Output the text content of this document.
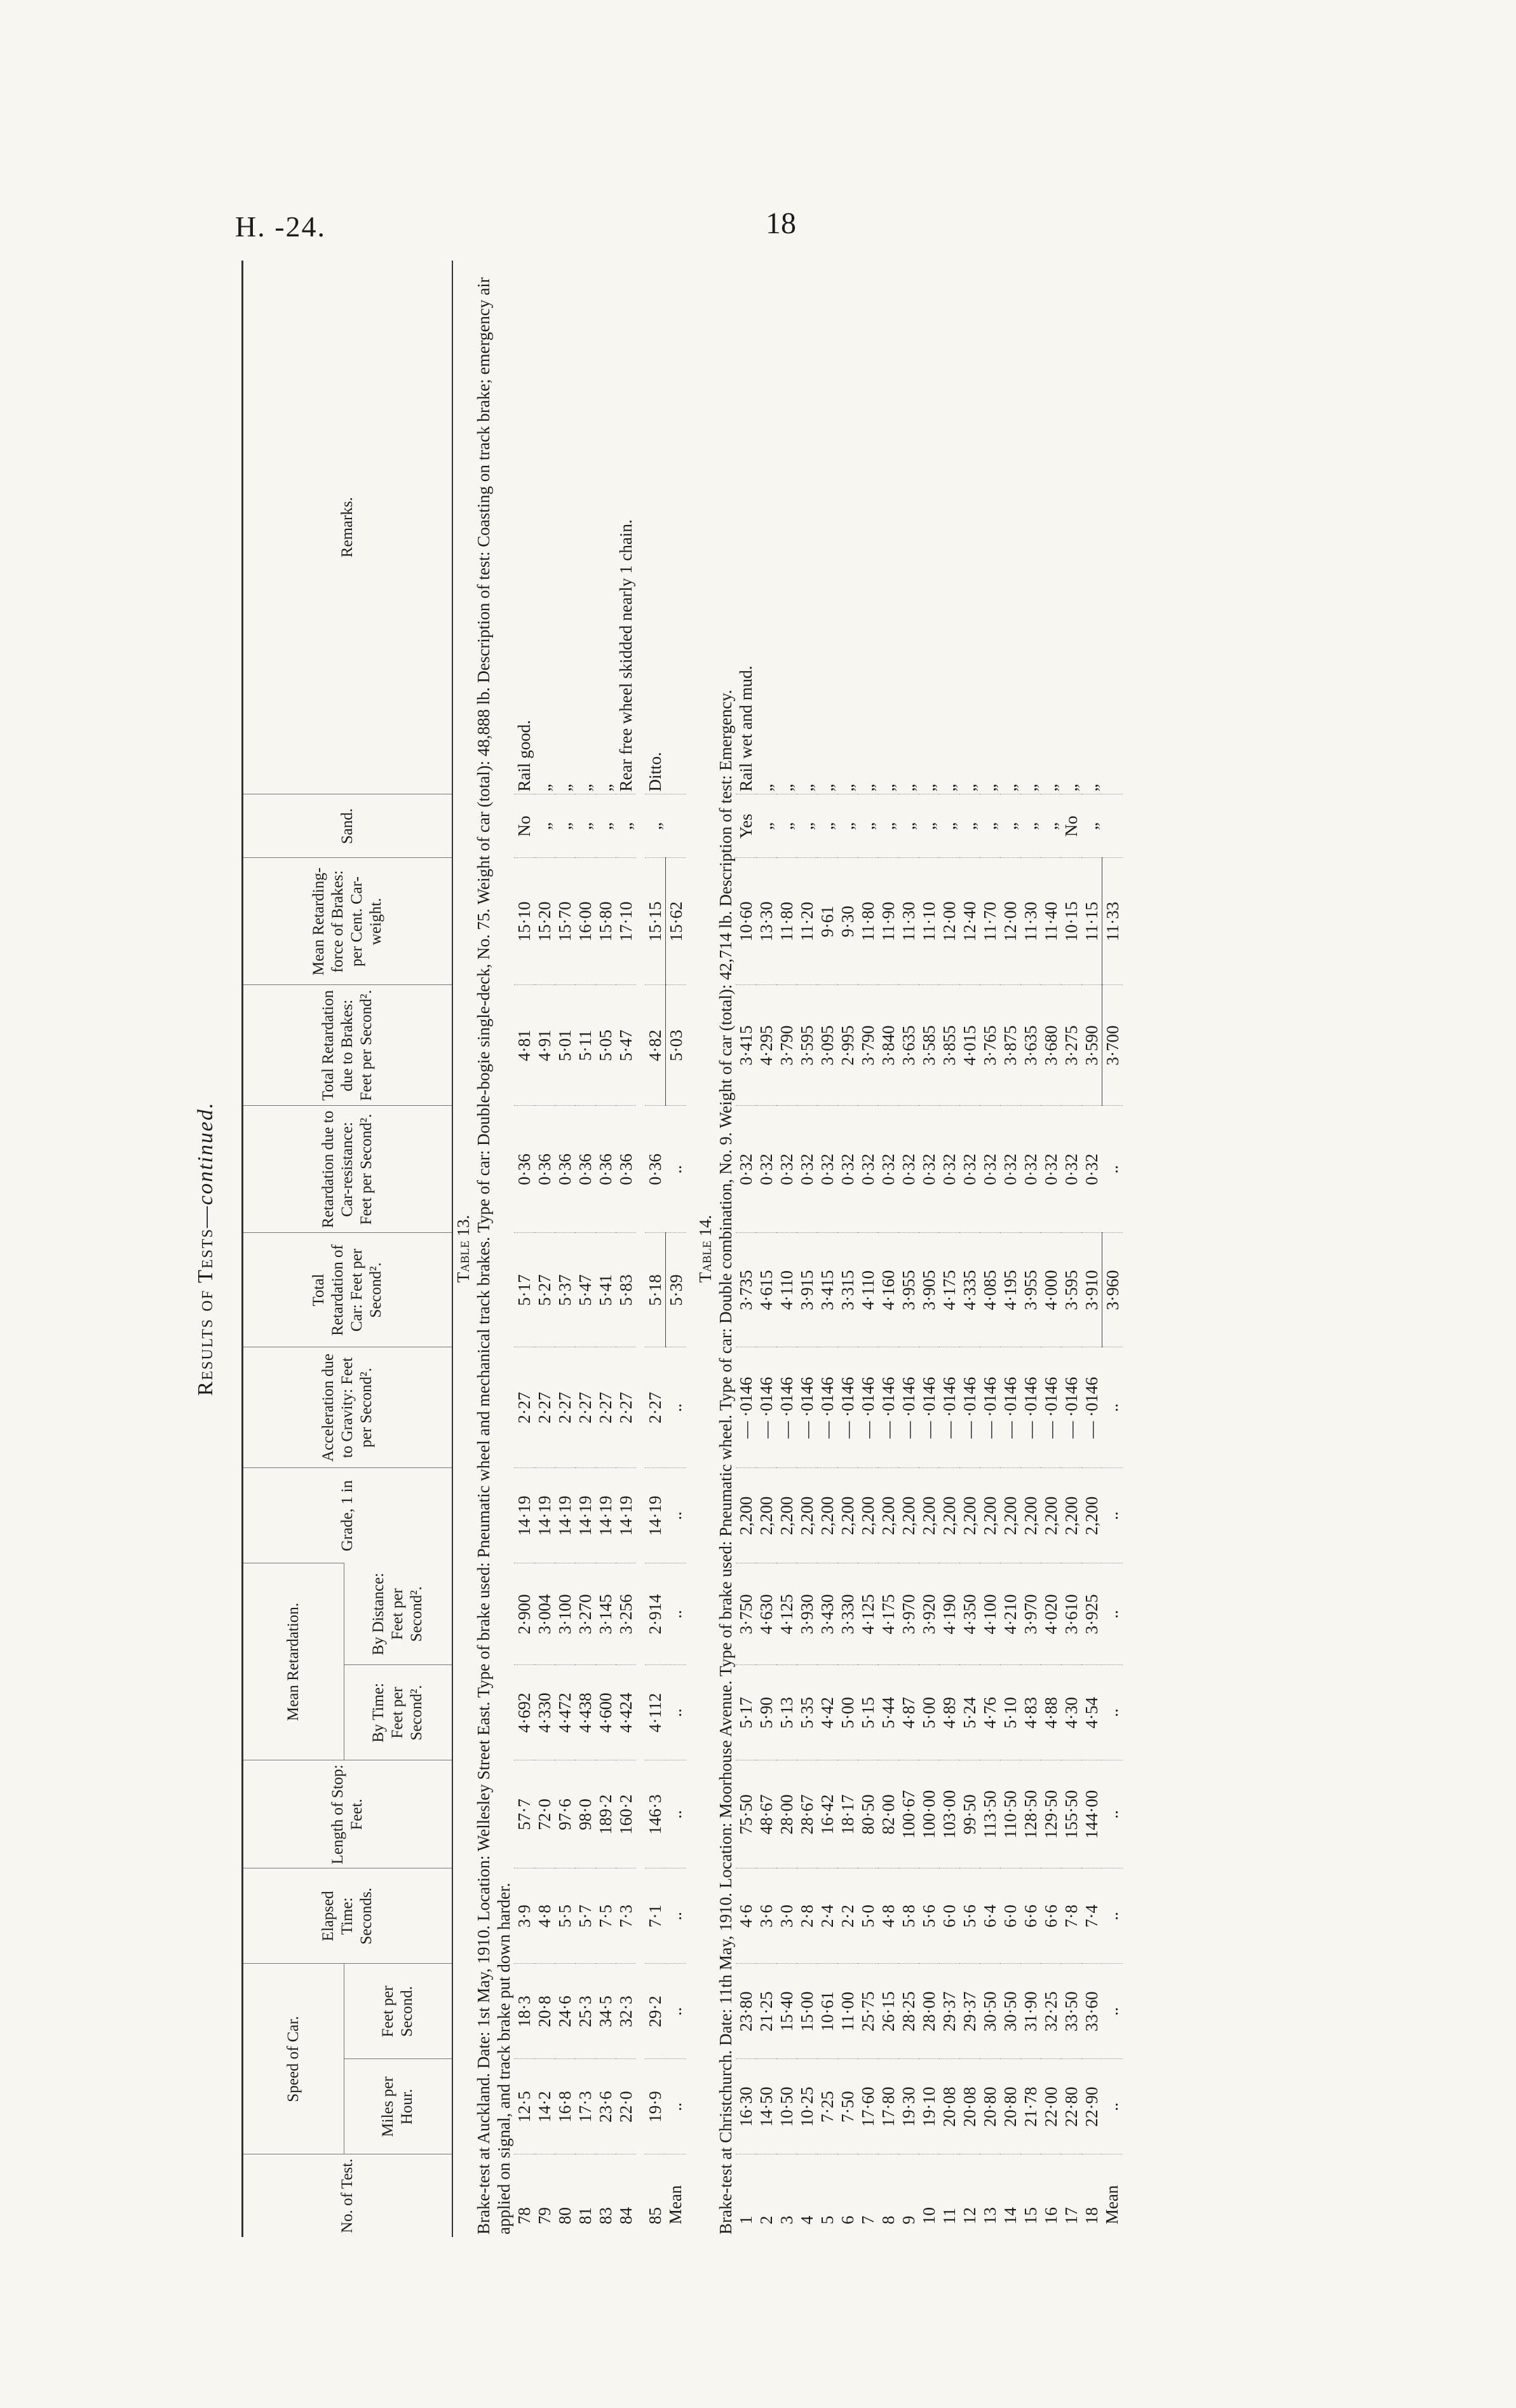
H. -24.	18
Results of Tests—continued.
No. of Test.	Speed of Car.		Elapsed Time: Seconds.	Length of Stop: Feet.	Mean Retardation.		Grade, 1 in	Acceleration due to Gravity: Feet per Second².	Total Retardation of Car: Feet per Second².	Retardation due to Car-resistance: Feet per Second².	Total Retardation due to Brakes: Feet per Second².	Mean Retarding-force of Brakes: per Cent. Car-weight.	Sand.	Remarks.
	Miles per Hour.	Feet per Second.			By Time: Feet per Second².	By Distance: Feet per Second².								
Table 13.														
Brake-test at Auckland. Date: 1st May, 1910. Location: Wellesley Street East. Type of brake used: Pneumatic wheel and mechanical track brakes. Type of car: Double-bogie single-deck, No. 75. Weight of car (total): 48,888 lb. Description of test: Coasting on track brake; emergency air applied on signal, and track brake put down harder.														
78	12·5	18·3	3·9	57·7	4·692	2·900	14·19	2·27	5·17	0·36	4·81	15·10	No	Rail good.
79	14·2	20·8	4·8	72·0	4·330	3·004	14·19	2·27	5·27	0·36	4·91	15·20	„	„
80	16·8	24·6	5·5	97·6	4·472	3·100	14·19	2·27	5·37	0·36	5·01	15·70	„	„
81	17·3	25·3	5·7	98·0	4·438	3·270	14·19	2·27	5·47	0·36	5·11	16·00	„	„
83	23·6	34·5	7·5	189·2	4·600	3·145	14·19	2·27	5·41	0·36	5·05	15·80	„	„
84	22·0	32·3	7·3	160·2	4·424	3·256	14·19	2·27	5·83	0·36	5·47	17·10	„	Rear free wheel skidded nearly 1 chain.

85	19·9	29·2	7·1	146·3	4·112	2·914	14·19	2·27	5·18	0·36	4·82	15·15	„	Ditto.
Mean	..	..	..	..	..	..	..	..	5·39	..	5·03	15·62		

Table 14.														
Brake-test at Christchurch. Date: 11th May, 1910. Location: Moorhouse Avenue. Type of brake used: Pneumatic wheel. Type of car: Double combination, No. 9. Weight of car (total): 42,714 lb. Description of test: Emergency.														
1	16·30	23·80	4·6	75·50	5·17	3·750	2,200	— ·0146	3·735	0·32	3·415	10·60	Yes	Rail wet and mud.
2	14·50	21·25	3·6	48·67	5·90	4·630	2,200	— ·0146	4·615	0·32	4·295	13·30	„	„
3	10·50	15·40	3·0	28·00	5·13	4·125	2,200	— ·0146	4·110	0·32	3·790	11·80	„	„
4	10·25	15·00	2·8	28·67	5·35	3·930	2,200	— ·0146	3·915	0·32	3·595	11·20	„	„
5	7·25	10·61	2·4	16·42	4·42	3·430	2,200	— ·0146	3·415	0·32	3·095	9·61	„	„
6	7·50	11·00	2·2	18·17	5·00	3·330	2,200	— ·0146	3·315	0·32	2·995	9·30	„	„
7	17·60	25·75	5·0	80·50	5·15	4·125	2,200	— ·0146	4·110	0·32	3·790	11·80	„	„
8	17·80	26·15	4·8	82·00	5·44	4·175	2,200	— ·0146	4·160	0·32	3·840	11·90	„	„
9	19·30	28·25	5·8	100·67	4·87	3·970	2,200	— ·0146	3·955	0·32	3·635	11·30	„	„
10	19·10	28·00	5·6	100·00	5·00	3·920	2,200	— ·0146	3·905	0·32	3·585	11·10	„	„
11	20·08	29·37	6·0	103·00	4·89	4·190	2,200	— ·0146	4·175	0·32	3·855	12·00	„	„
12	20·08	29·37	5·6	99·50	5·24	4·350	2,200	— ·0146	4·335	0·32	4·015	12·40	„	„
13	20·80	30·50	6·4	113·50	4·76	4·100	2,200	— ·0146	4·085	0·32	3·765	11·70	„	„
14	20·80	30·50	6·0	110·50	5·10	4·210	2,200	— ·0146	4·195	0·32	3·875	12·00	„	„
15	21·78	31·90	6·6	128·50	4·83	3·970	2,200	— ·0146	3·955	0·32	3·635	11·30	„	„
16	22·00	32·25	6·6	129·50	4·88	4·020	2,200	— ·0146	4·000	0·32	3·680	11·40	„	„
17	22·80	33·50	7·8	155·50	4·30	3·610	2,200	— ·0146	3·595	0·32	3·275	10·15	No	„
18	22·90	33·60	7·4	144·00	4·54	3·925	2,200	— ·0146	3·910	0·32	3·590	11·15	„	„
Mean	..	..	..	..	..	..	..	..	3·960	..	3·700	11·33		
